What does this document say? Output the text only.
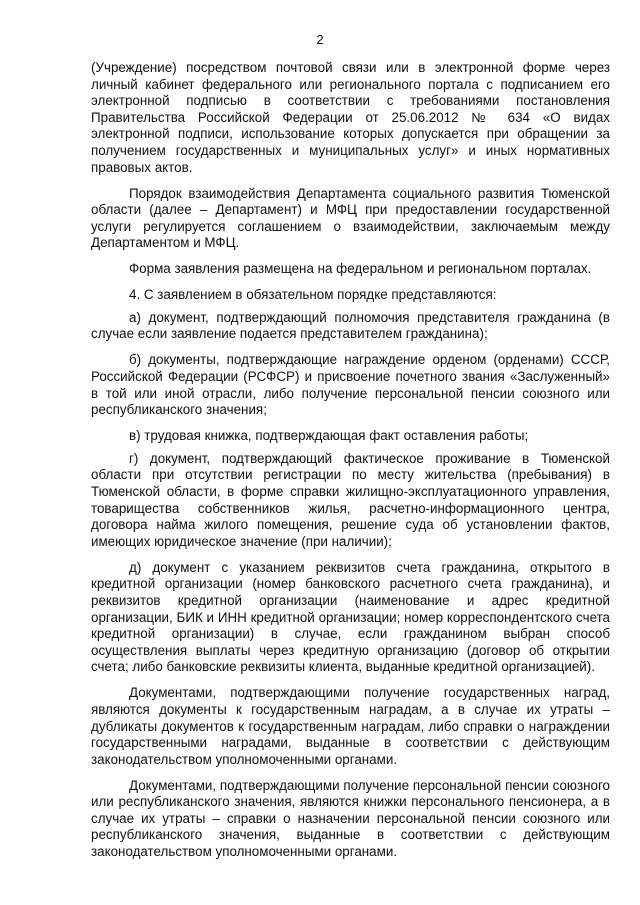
2

(Учреждение) посредством почтовой связи или в электронной форме через личный кабинет федерального или регионального портала с подписанием его электронной подписью в соответствии с требованиями постановления Правительства Российской Федерации от 25.06.2012 № 634 «О видах электронной подписи, использование которых допускается при обращении за получением государственных и муниципальных услуг» и иных нормативных правовых актов.

Порядок взаимодействия Департамента социального развития Тюменской области (далее – Департамент) и МФЦ при предоставлении государственной услуги регулируется соглашением о взаимодействии, заключаемым между Департаментом и МФЦ.

Форма заявления размещена на федеральном и региональном порталах.

4. С заявлением в обязательном порядке представляются:

а) документ, подтверждающий полномочия представителя гражданина (в случае если заявление подается представителем гражданина);

б) документы, подтверждающие награждение орденом (орденами) СССР, Российской Федерации (РСФСР) и присвоение почетного звания «Заслуженный» в той или иной отрасли, либо получение персональной пенсии союзного или республиканского значения;

в) трудовая книжка, подтверждающая факт оставления работы;

г) документ, подтверждающий фактическое проживание в Тюменской области при отсутствии регистрации по месту жительства (пребывания) в Тюменской области, в форме справки жилищно-эксплуатационного управления, товарищества собственников жилья, расчетно-информационного центра, договора найма жилого помещения, решение суда об установлении фактов, имеющих юридическое значение (при наличии);

д) документ с указанием реквизитов счета гражданина, открытого в кредитной организации (номер банковского расчетного счета гражданина), и реквизитов кредитной организации (наименование и адрес кредитной организации, БИК и ИНН кредитной организации; номер корреспондентского счета кредитной организации) в случае, если гражданином выбран способ осуществления выплаты через кредитную организацию (договор об открытии счета; либо банковские реквизиты клиента, выданные кредитной организацией).

Документами, подтверждающими получение государственных наград, являются документы к государственным наградам, а в случае их утраты – дубликаты документов к государственным наградам, либо справки о награждении государственными наградами, выданные в соответствии с действующим законодательством уполномоченными органами.

Документами, подтверждающими получение персональной пенсии союзного или республиканского значения, являются книжки персонального пенсионера, а в случае их утраты – справки о назначении персональной пенсии союзного или республиканского значения, выданные в соответствии с действующим законодательством уполномоченными органами.
